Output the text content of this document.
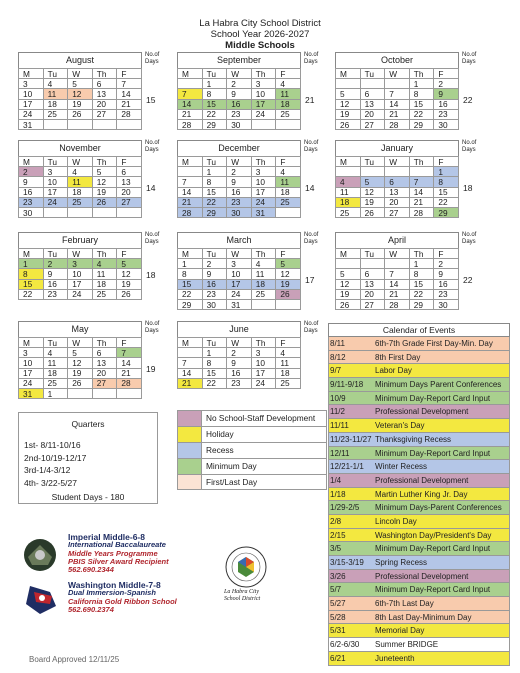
La Habra City School District
School Year 2026-2027
Middle Schools
August	No.of Days
M	Tu	W	Th	F
3	4	5	6	7
10	11	12	13	14
17	18	19	20	21
24	25	26	27	28
31				
15
September	No.of Days
M	Tu	W	Th	F
	1	2	3	4
7	8	9	10	11
14	15	16	17	18
21	22	23	24	25
28	29	30		
21
October	No.of Days
M	Tu	W	Th	F
			1	2
5	6	7	8	9
12	13	14	15	16
19	20	21	22	23
26	27	28	29	30
22
November	No.of Days
M	Tu	W	Th	F
2	3	4	5	6
9	10	11	12	13
16	17	18	19	20
23	24	25	26	27
30				
14
December	No.of Days
M	Tu	W	Th	F
	1	2	3	4
7	8	9	10	11
14	15	16	17	18
21	22	23	24	25
28	29	30	31	
14
January	No.of Days
M	Tu	W	Th	F
				1
4	5	6	7	8
11	12	13	14	15
18	19	20	21	22
25	26	27	28	29
18
February	No.of Days
M	Tu	W	Th	F
1	2	3	4	5
8	9	10	11	12
15	16	17	18	19
22	23	24	25	26
18
March	No.of Days
M	Tu	W	Th	F
1	2	3	4	5
8	9	10	11	12
15	16	17	18	19
22	23	24	25	26
29	30	31		
17
April	No.of Days
M	Tu	W	Th	F
			1	2
5	6	7	8	9
12	13	14	15	16
19	20	21	22	23
26	27	28	29	30
22
May	No.of Days
M	Tu	W	Th	F
3	4	5	6	7
10	11	12	13	14
17	18	19	20	21
24	25	26	27	28
31	1			
19
June	No.of Days
M	Tu	W	Th	F
	1	2	3	4
7	8	9	10	11
14	15	16	17	18
21	22	23	24	25
Calendar of Events
8/11	6th-7th Grade First Day-Min. Day
8/12	8th First Day
9/7	Labor Day
9/11-9/18	Minimum Days Parent Conferences
10/9	Minimum Day-Report Card Input
11/2	Professional Development
11/11	Veteran's Day
11/23-11/27 Thanksgiving Recess
12/11	Minimum Day-Report Card Input
12/21-1/1	Winter Recess
1/4	Professional Development
1/18	Martin Luther King Jr. Day
1/29-2/5	Minimum Days-Parent Conferences
2/8	Lincoln Day
2/15	Washington Day/President's Day
3/5	Minimum Day-Report Card Input
3/15-3/19	Spring Recess
3/26	Professional Development
5/7	Minimum Day-Report Card Input
5/27	6th-7th Last Day
5/28	8th Last Day-Minimum Day
5/31	Memorial Day
6/2-6/30	Summer BRIDGE
6/21	Juneteenth
Quarters
1st- 8/11-10/16
2nd-10/19-12/17
3rd-1/4-3/12
4th- 3/22-5/27
Student Days - 180
No School-Staff Development
Holiday
Recess
Minimum Day
First/Last Day
Imperial Middle-6-8
International Baccalaureate
Middle Years Programme
PBIS Silver Award Recipient
562.690.2344
Washington Middle-7-8
Dual Immersion-Spanish
California Gold Ribbon School
562.690.2374
La Habra City
School District
Board Approved 12/11/25
